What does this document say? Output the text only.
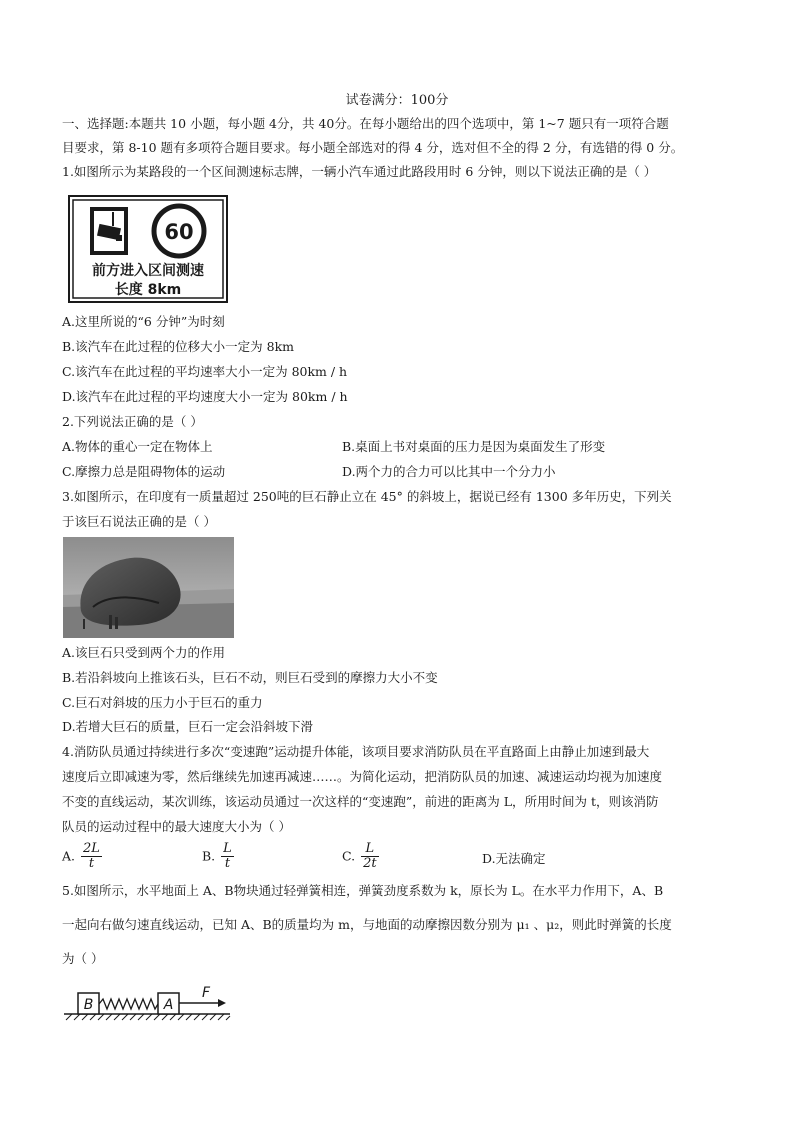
试卷满分：100分
一、选择题:本题共 10 小题，每小题 4分，共 40分。在每小题给出的四个选项中，第 1~7 题只有一项符合题
目要求，第 8-10 题有多项符合题目要求。每小题全部选对的得 4 分，选对但不全的得 2 分，有选错的得 0 分。
1.如图所示为某路段的一个区间测速标志牌，一辆小汽车通过此路段用时 6 分钟，则以下说法正确的是（ ）
60
前方进入区间测速
长度 8km
A.这里所说的“6 分钟”为时刻
B.该汽车在此过程的位移大小一定为 8km
C.该汽车在此过程的平均速率大小一定为 80km / h
D.该汽车在此过程的平均速度大小一定为 80km / h
2.下列说法正确的是（ ）
A.物体的重心一定在物体上	B.桌面上书对桌面的压力是因为桌面发生了形变
C.摩擦力总是阻碍物体的运动	D.两个力的合力可以比其中一个分力小
3.如图所示，在印度有一质量超过 250吨的巨石静止立在 45° 的斜坡上，据说已经有 1300 多年历史，下列关
于该巨石说法正确的是（ ）
A.该巨石只受到两个力的作用
B.若沿斜坡向上推该石头，巨石不动，则巨石受到的摩擦力大小不变
C.巨石对斜坡的压力小于巨石的重力
D.若增大巨石的质量，巨石一定会沿斜坡下滑
4.消防队员通过持续进行多次“变速跑”运动提升体能，该项目要求消防队员在平直路面上由静止加速到最大
速度后立即减速为零，然后继续先加速再减速……。为简化运动，把消防队员的加速、减速运动均视为加速度
不变的直线运动，某次训练，该运动员通过一次这样的“变速跑”，前进的距离为 L，所用时间为 t，则该消防
队员的运动过程中的最大速度大小为（ ）
A. $\frac{2L}{t}$	B. $\frac{L}{t}$	C. $\frac{L}{2t}$	D.无法确定
5.如图所示，水平地面上 A、B物块通过轻弹簧相连，弹簧劲度系数为 k，原长为 L。在水平力作用下，A、B
一起向右做匀速直线运动，已知 A、B的质量均为 m，与地面的动摩擦因数分别为 μ₁ 、μ₂，则此时弹簧的长度
为（ ）
B	A
F
